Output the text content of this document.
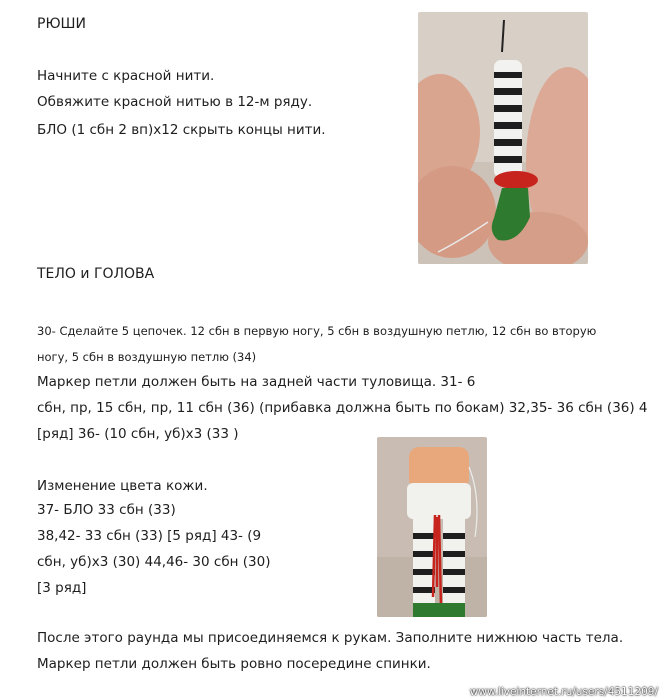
РЮШИ
Начните с красной нити.
Обвяжите красной нитью в 12-м ряду.
БЛО (1 сбн 2 вп)х12 скрыть концы нити.
ТЕЛО и ГОЛОВА
30- Сделайте 5 цепочек. 12 сбн в первую ногу, 5 сбн в воздушную петлю, 12 сбн во вторую
ногу, 5 сбн в воздушную петлю (34)
Маркер петли должен быть на задней части туловища. 31- 6
сбн, пр, 15 сбн, пр, 11 сбн (36) (прибавка должна быть по бокам) 32,35- 36 сбн (36) 4
[ряд] 36- (10 сбн, уб)х3 (33 )
Изменение цвета кожи.
37- БЛО 33 сбн (33)
38,42- 33 сбн (33) [5 ряд] 43- (9
сбн, уб)х3 (30) 44,46- 30 сбн (30)
[3 ряд]
После этого раунда мы присоединяемся к рукам. Заполните нижнюю часть тела.
Маркер петли должен быть ровно посередине спинки.
www.liveinternet.ru/users/4511209/
